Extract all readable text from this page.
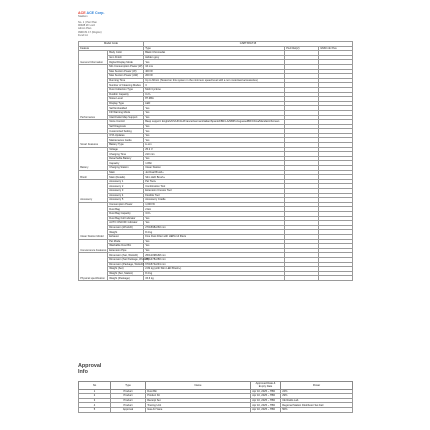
ACE ACE Corp.
Stadium
No. 1 | Pier Plan
90928 2F Lord
Admin Plan
0990 81 17 (Region)
Fund Inc
Model Code		GS8TX8GT15		
Feature		Type	PLA Diet(2)	GM9 Info Plus
General Information	Body Color	Black Chromedat		
	Item Finish	Hidden grey		
	Digital Display Mode	Yes		
Performance	Min Consumption Power (W)	16 mw		
	Max Suction Power (W)	400 W		
	Max Suction Power (AW)	200 W		
	Running Time	Up to 60min (Tested on this system in the minimum speed level with a non motorised accessories)		
	Number of Cleaning Modes	3		
	Dust Collection Type	Multi Cyclone		
	Dustbin Capacity	0.2 L		
	Noise Level	87 dBA		
	Display Type	LED		
	Self Embedded	Yes		
	FR Warning Mode	Yes		
	Inlet/Outlet Map Support	Yes		
	Voice Control	Beep support: English/US/UK/AU/France/German/Italian/Spanish/BR-LA/NB/Portuguese/BR/China/Mandarin/Korean		
	Self Diagnosis	Yes		
	Customized Setting	Yes		
Smart Features	OTA Updates	Yes		
	Maintenance Guide	Yes		
	Battery Type	Li-ion		
Battery	Voltage	25.2 V		
	Charging Time	210 min		
	Detachable Battery	Yes		
	Capacity	1.8Ah		
	Charging Station	Clean Station		
Brush	Main	Jet Dual Brush+		
	Main (Details)	Slim LED Brush+		
Accessory	Accessory 1	Pet Tool+		
	Accessory 2	Combination Tool		
	Accessory 3	Extension Crevice Tool		
	Accessory 4	Flexible Tool		
	Accessory 5	Accessory Cradle		
Clean Station Model	Consumption Power	1,000 W		
	Dust Bag	2 EA		
	Dust Bag Capacity	3.0 L		
	Dust Bag Full Indicator	Yes		
	AUTO ON/OFF Indicator	Yes		
	Dimension (WxHxD)	270x598x260 mm		
	Weight	8.4 kg		
	Exhaust	Fine Dust Filter with HEPA 14 filters		
Convenience Features	Pet Mode	Yes		
	Washable Dust Bin	Yes		
	Extension Pipe	Yes		
Physical specification	Dimension (Set, WxHxD)	250x1098x68 mm		
	Dimension (Set Package, WxHxD)	780x478x280 mm		
	Dimension (Package, WxHxD)	670x574x291 mm		
	Weight (Set)	2.82 kg (with Slim LED Brush+)		
	Weight (Set, Station)	8.4 kg		
	Weight (Package)	15.6 kg		
Approval
Info
No	Type	Name	Approved Date & Expiry Date	Power
1	Product	Dust Bin	Apr 10, 2025 ~ TBD	22%
2	Product	Product Kit	Apr 10, 2025 ~ TBD	29%
3	Product	Receipt Set	Apr 10, 2025 ~ TBD	CE Radio Lab
4	Product	Tracing Unit	Apr 10, 2025 ~ TBD	Regional Station Distributor Set Fail
5	Approval	Gas Air Vane	Apr 10, 2025 ~ TBD	50%
